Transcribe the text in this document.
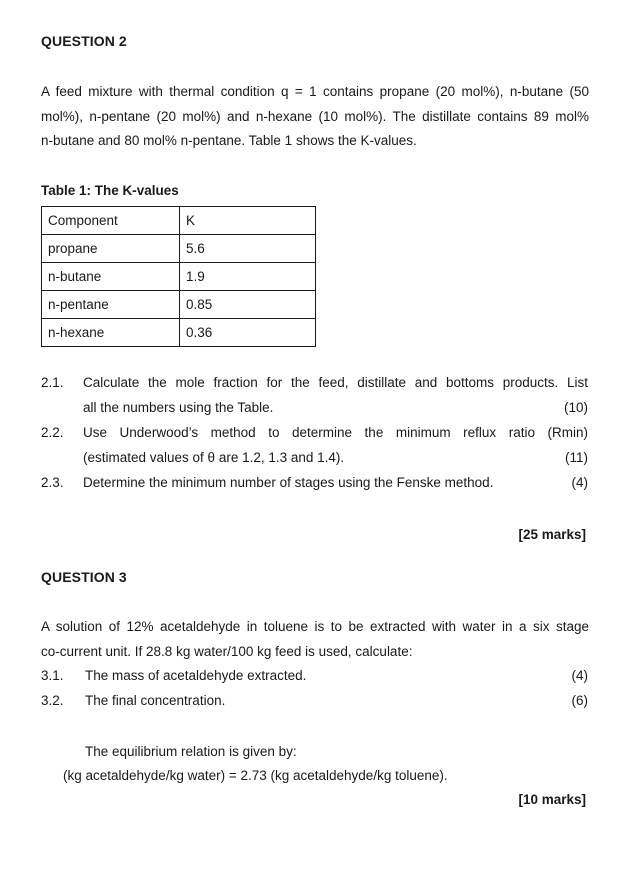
QUESTION 2
A feed mixture with thermal condition q = 1 contains propane (20 mol%), n-butane (50
mol%), n-pentane (20 mol%) and n-hexane (10 mol%). The distillate contains 89 mol%
n-butane and 80 mol% n-pentane. Table 1 shows the K-values.
Table 1: The K-values
Component	K
propane	5.6
n-butane	1.9
n-pentane	0.85
n-hexane	0.36
2.1. Calculate the mole fraction for the feed, distillate and bottoms products. List
all the numbers using the Table.	(10)
2.2. Use Underwood’s method to determine the minimum reflux ratio (Rmin)
(estimated values of θ are 1.2, 1.3 and 1.4).	(11)
2.3. Determine the minimum number of stages using the Fenske method.	(4)
[25 marks]
QUESTION 3
A solution of 12% acetaldehyde in toluene is to be extracted with water in a six stage
co-current unit. If 28.8 kg water/100 kg feed is used, calculate:
3.1. The mass of acetaldehyde extracted.	(4)
3.2. The final concentration.	(6)
The equilibrium relation is given by:
(kg acetaldehyde/kg water) = 2.73 (kg acetaldehyde/kg toluene).
[10 marks]
